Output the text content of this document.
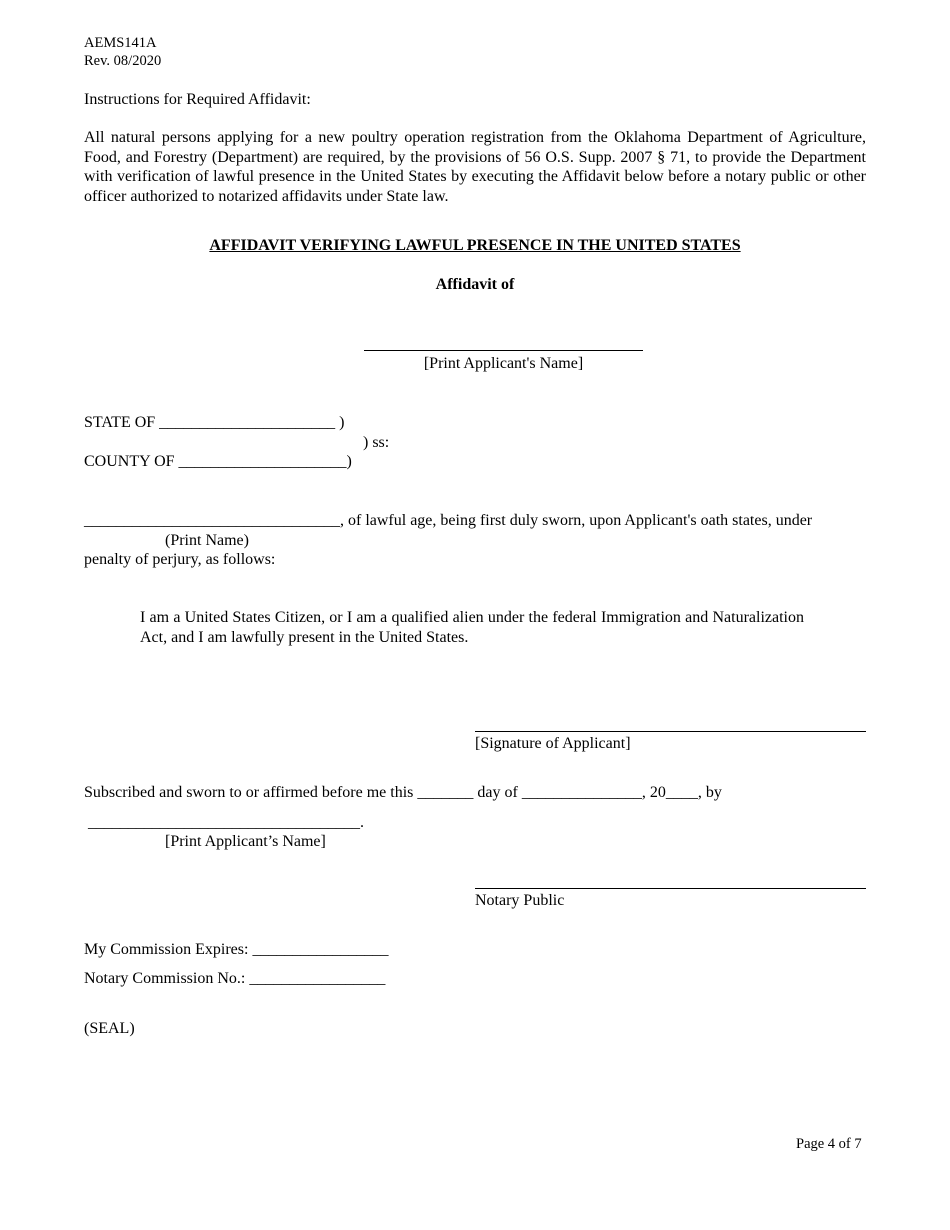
AEMS141A
Rev. 08/2020
Instructions for Required Affidavit:
All natural persons applying for a new poultry operation registration from the Oklahoma Department of Agriculture, Food, and Forestry (Department) are required, by the provisions of 56 O.S. Supp. 2007 § 71, to provide the Department with verification of lawful presence in the United States by executing the Affidavit below before a notary public or other officer authorized to notarized affidavits under State law.
AFFIDAVIT VERIFYING LAWFUL PRESENCE IN THE UNITED STATES
Affidavit of
[Print Applicant's Name]
STATE OF ______________________ )
) ss:
COUNTY OF _____________________)
________________________________, of lawful age, being first duly sworn, upon Applicant's oath states, under
(Print Name)
penalty of perjury, as follows:
I am a United States Citizen, or I am a qualified alien under the federal Immigration and Naturalization Act, and I am lawfully present in the United States.
[Signature of Applicant]
Subscribed and sworn to or affirmed before me this _______ day of _______________, 20____, by
__________________________________.
[Print Applicant’s Name]
Notary Public
My Commission Expires: _________________
Notary Commission No.: _________________
(SEAL)
Page 4 of 7
